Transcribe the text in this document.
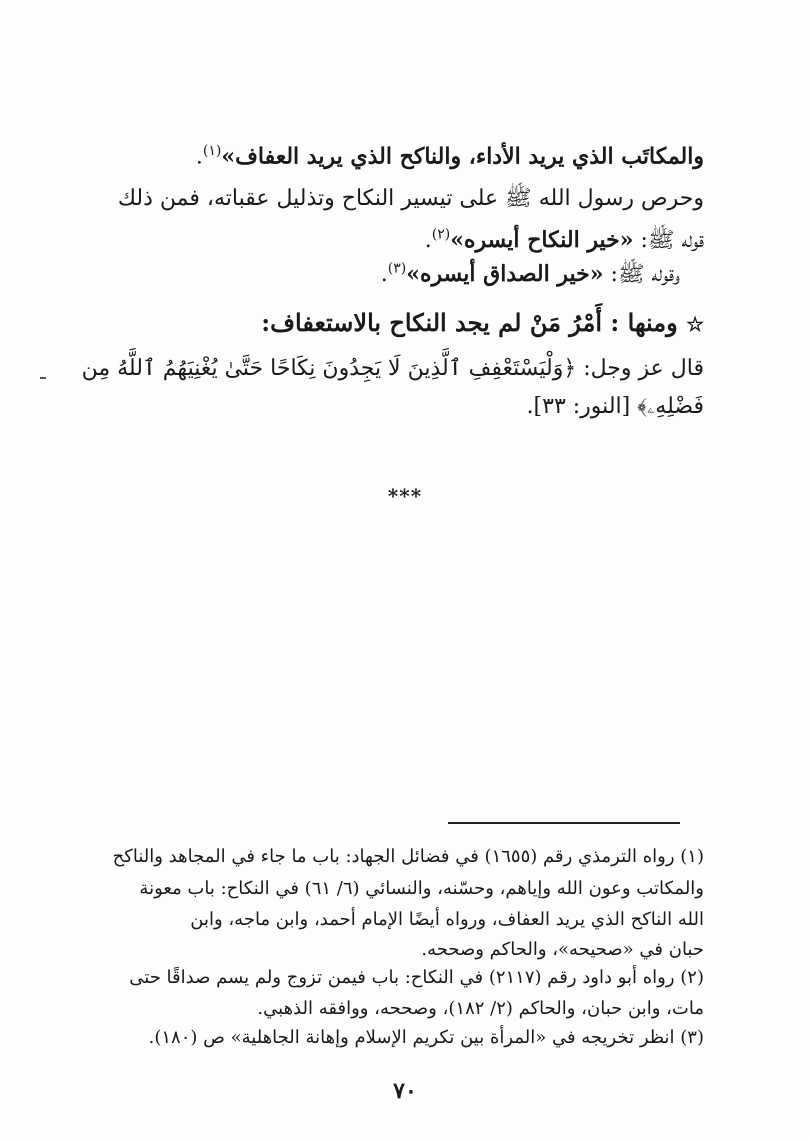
والمكاتَب الذي يريد الأداء، والناكح الذي يريد العفاف»$^{(١)}$.
وحرص رسول الله ﷺ على تيسير النكاح وتذليل عقباته، فمن ذلك
قوله ﷺ: «خير النكاح أيسره»$^{(٢)}$.
وقوله ﷺ: «خير الصداق أيسره»$^{(٣)}$.
☆ ومنها : أَمْرُ مَنْ لم يجد النكاح بالاستعفاف:
قال عز وجل: ﴿وَلْيَسْتَعْفِفِ ٱلَّذِينَ لَا يَجِدُونَ نِكَاحًا حَتَّىٰ يُغْنِيَهُمُ ٱللَّهُ مِن
فَضْلِهِۦ﴾ [النور: ٣٣].
***
(١) رواه الترمذي رقم (١٦٥٥) في فضائل الجهاد: باب ما جاء في المجاهد والناكح
والمكاتب وعون الله وإياهم، وحسّنه، والنسائي (٦/ ٦١) في النكاح: باب معونة
الله الناكح الذي يريد العفاف، ورواه أيضًا الإمام أحمد، وابن ماجه، وابن
حبان في «صحيحه»، والحاكم وصححه.
(٢) رواه أبو داود رقم (٢١١٧) في النكاح: باب فيمن تزوج ولم يسم صداقًا حتى
مات، وابن حبان، والحاكم (٢/ ١٨٢)، وصححه، ووافقه الذهبي.
(٣) انظر تخريجه في «المرأة بين تكريم الإسلام وإهانة الجاهلية» ص (١٨٠).
٧٠
